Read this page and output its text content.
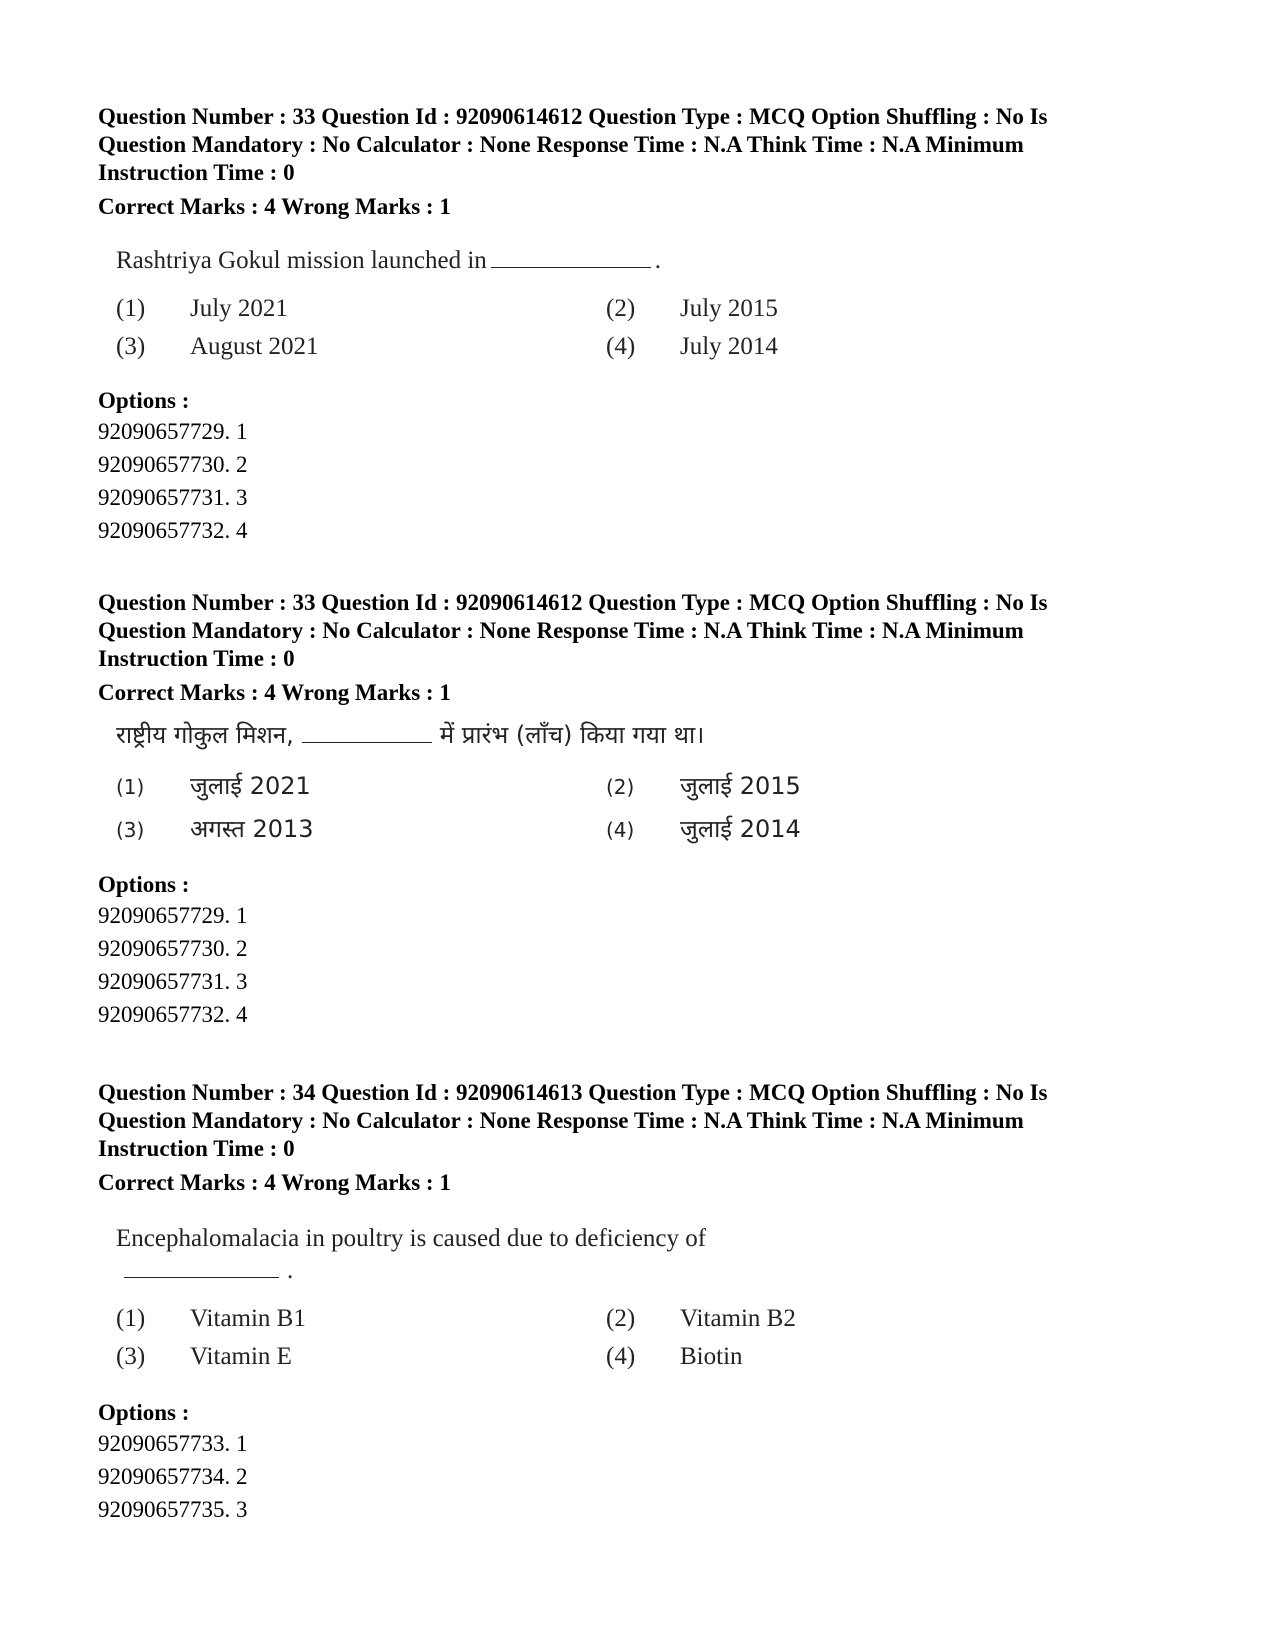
Question Number : 33 Question Id : 92090614612 Question Type : MCQ Option Shuffling : No Is

Question Mandatory : No Calculator : None Response Time : N.A Think Time : N.A Minimum

Instruction Time : 0

Correct Marks : 4 Wrong Marks : 1

Rashtriya Gokul mission launched in	.
(1)	July 2021	(2)	July 2015
(3)	August 2021	(4)	July 2014

Options :

92090657729. 1

92090657730. 2

92090657731. 3

92090657732. 4

Question Number : 33 Question Id : 92090614612 Question Type : MCQ Option Shuffling : No Is

Question Mandatory : No Calculator : None Response Time : N.A Think Time : N.A Minimum

Instruction Time : 0

Correct Marks : 4 Wrong Marks : 1

राष्ट्रीय गोकुल मिशन,	में प्रारंभ (लाँच) किया गया था।
(1)	जुलाई 2021	(2)	जुलाई 2015
(3)	अगस्त 2013	(4)	जुलाई 2014

Options :

92090657729. 1

92090657730. 2

92090657731. 3

92090657732. 4

Question Number : 34 Question Id : 92090614613 Question Type : MCQ Option Shuffling : No Is

Question Mandatory : No Calculator : None Response Time : N.A Think Time : N.A Minimum

Instruction Time : 0

Correct Marks : 4 Wrong Marks : 1

Encephalomalacia in poultry is caused due to deficiency of.
(1)	Vitamin B1	(2)	Vitamin B2
(3)	Vitamin E	(4)	Biotin

Options :

92090657733. 1

92090657734. 2

92090657735. 3
